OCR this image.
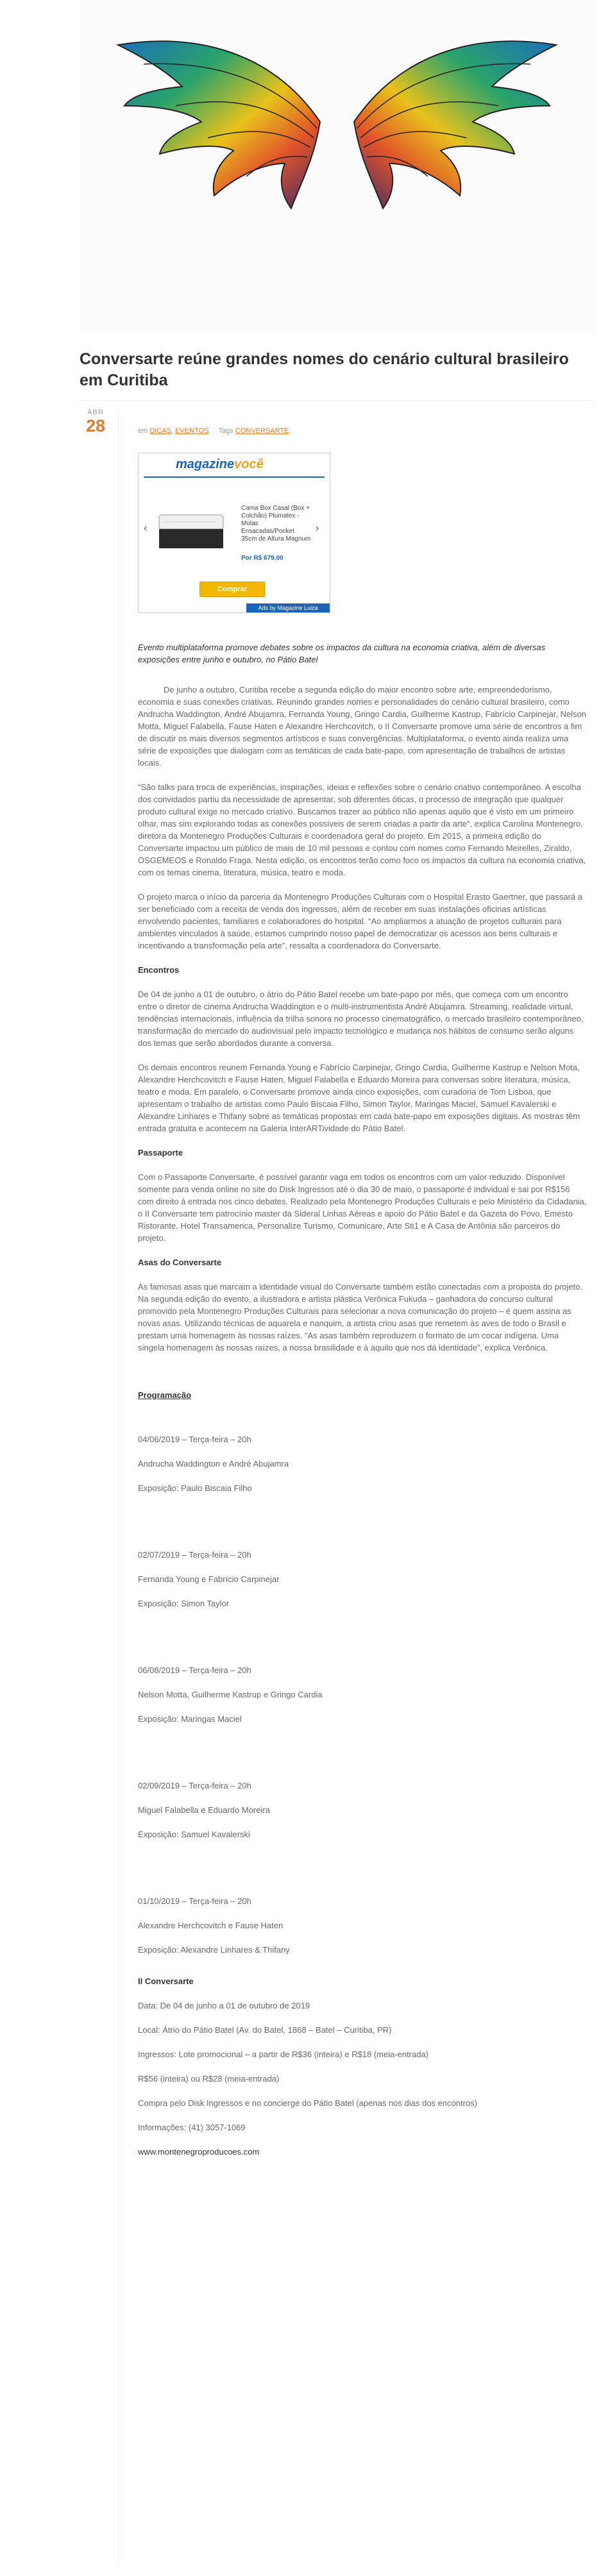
Conversarte reúne grandes nomes do cenário cultural brasileiro em Curitiba
ABR
28	em DICAS, EVENTOS Tags CONVERSARTE
magazinevocê
‹	›
Cama Box Casal (Box + Colchão) Plumatex - Molas Ensacadas/Pocket 35cm de Altura Magnum
Por R$ 679,00
Comprar
Ads by Magazine Luiza

Evento multiplataforma promove debates sobre os impactos da cultura na economia criativa, além de diversas exposições entre junho e outubro, no Pátio Batel

De junho a outubro, Curitiba recebe a segunda edição do maior encontro sobre arte, empreendedorismo, economia e suas conexões criativas. Reunindo grandes nomes e personalidades do cenário cultural brasileiro, como Andrucha Waddington, André Abujamra, Fernanda Young, Gringo Cardia, Guilherme Kastrup, Fabrício Carpinejar, Nelson Motta, Miguel Falabella, Fause Haten e Alexandre Herchcovitch, o II Conversarte promove uma série de encontros a fim de discutir os mais diversos segmentos artísticos e suas convergências. Multiplataforma, o evento ainda realiza uma série de exposições que dialogam com as temáticas de cada bate-papo, com apresentação de trabalhos de artistas locais.

“São talks para troca de experiências, inspirações, ideias e reflexões sobre o cenário criativo contemporâneo. A escolha dos convidados partiu da necessidade de apresentar, sob diferentes óticas, o processo de integração que qualquer produto cultural exige no mercado criativo. Buscamos trazer ao público não apenas aquilo que é visto em um primeiro olhar, mas sim explorando todas as conexões possíveis de serem criadas a partir da arte”, explica Carolina Montenegro, diretora da Montenegro Produções Culturais e coordenadora geral do projeto. Em 2015, a primeira edição do Conversarte impactou um público de mais de 10 mil pessoas e contou com nomes como Fernando Meirelles, Ziraldo, OSGEMEOS e Ronaldo Fraga. Nesta edição, os encontros terão como foco os impactos da cultura na economia criativa, com os temas cinema, literatura, música, teatro e moda.

O projeto marca o início da parceria da Montenegro Produções Culturais com o Hospital Erasto Gaertner, que passará a ser beneficiado com a receita de venda dos ingressos, além de receber em suas instalações oficinas artísticas envolvendo pacientes, familiares e colaboradores do hospital. “Ao ampliarmos a atuação de projetos culturais para ambientes vinculados à saúde, estamos cumprindo nosso papel de democratizar os acessos aos bens culturais e incentivando a transformação pela arte”, ressalta a coordenadora do Conversarte.

Encontros

De 04 de junho a 01 de outubro, o átrio do Pátio Batel recebe um bate-papo por mês, que começa com um encontro entre o diretor de cinema Andrucha Waddington e o multi-instrumentista André Abujamra. Streaming, realidade virtual, tendências internacionais, influência da trilha sonora no processo cinematográfico, o mercado brasileiro contemporâneo, transformação do mercado do audiovisual pelo impacto tecnológico e mudança nos hábitos de consumo serão alguns dos temas que serão abordados durante a conversa.

Os demais encontros reunem Fernanda Young e Fabrício Carpinejar, Gringo Cardia, Guilherme Kastrup e Nelson Mota, Alexandre Herchcovitch e Fause Haten, Miguel Falabella e Eduardo Moreira para conversas sobre literatura, música, teatro e moda. Em paralelo, o Conversarte promove ainda cinco exposições, com curadoria de Tom Lisboa, que apresentam o trabalho de artistas como Paulo Biscaia Filho, Simon Taylor, Maringas Maciel, Samuel Kavalerski e Alexandre Linhares e Thifany sobre as temáticas propostas em cada bate-papo em exposições digitais. As mostras têm entrada gratuita e acontecem na Galeria InterARTividade do Pátio Batel.

Passaporte

Com o Passaporte Conversarte, é possível garantir vaga em todos os encontros com um valor reduzido. Disponível somente para venda online no site do Disk Ingressos até o dia 30 de maio, o passaporte é individual e sai por R$156 com direito à entrada nos cinco debates. Realizado pela Montenegro Produções Culturais e pelo Ministério da Cidadania, o II Conversarte tem patrocínio master da Sideral Linhas Aéreas e apoio do Pátio Batel e da Gazeta do Povo, Emesto Ristorante, Hotel Transamerica, Personalize Turismo, Comunicare, Arte Sti1 e A Casa de Antônia são parceiros do projeto.

Asas do Conversarte

As famosas asas que marcam a identidade visual do Conversarte também estão conectadas com a proposta do projeto. Na segunda edição do evento, a ilustradora e artista plástica Verônica Fukuda – ganhadora do concurso cultural promovido pela Montenegro Produções Culturais para selecionar a nova comunicação do projeto – é quem assina as novas asas. Utilizando técnicas de aquarela e nanquim, a artista criou asas que remetem às aves de todo o Brasil e prestam uma homenagem às nossas raízes. “As asas também reproduzem o formato de um cocar indígena. Uma singela homenagem às nossas raízes, a nossa brasilidade e à aquilo que nos dá identidade”, explica Verônica.

Programação

04/06/2019 – Terça-feira – 20h

Andrucha Waddington e André Abujamra

Exposição: Paulo Biscaia Filho

02/07/2019 – Terça-feira – 20h

Fernanda Young e Fabrício Carpinejar

Exposição: Simon Taylor

06/08/2019 – Terça-feira – 20h

Nelson Motta, Guilherme Kastrup e Gringo Cardia

Exposição: Maringas Maciel

02/09/2019 – Terça-feira – 20h

Miguel Falabella e Eduardo Moreira

Exposição: Samuel Kavalerski

01/10/2019 – Terça-feira – 20h

Alexandre Herchcovitch e Fause Haten

Exposição: Alexandre Linhares & Thifany

II Conversarte

Data: De 04 de junho a 01 de outubro de 2019

Local: Átrio do Pátio Batel (Av. do Batel, 1868 – Batel – Curitiba, PR)

Ingressos: Lote promocional – a partir de R$36 (inteira) e R$18 (meia-entrada)

R$56 (inteira) ou R$28 (meia-entrada)

Compra pelo Disk Ingressos e no concierge do Pátio Batel (apenas nos dias dos encontros)

Informações: (41) 3057-1069

www.montenegroproducoes.com
